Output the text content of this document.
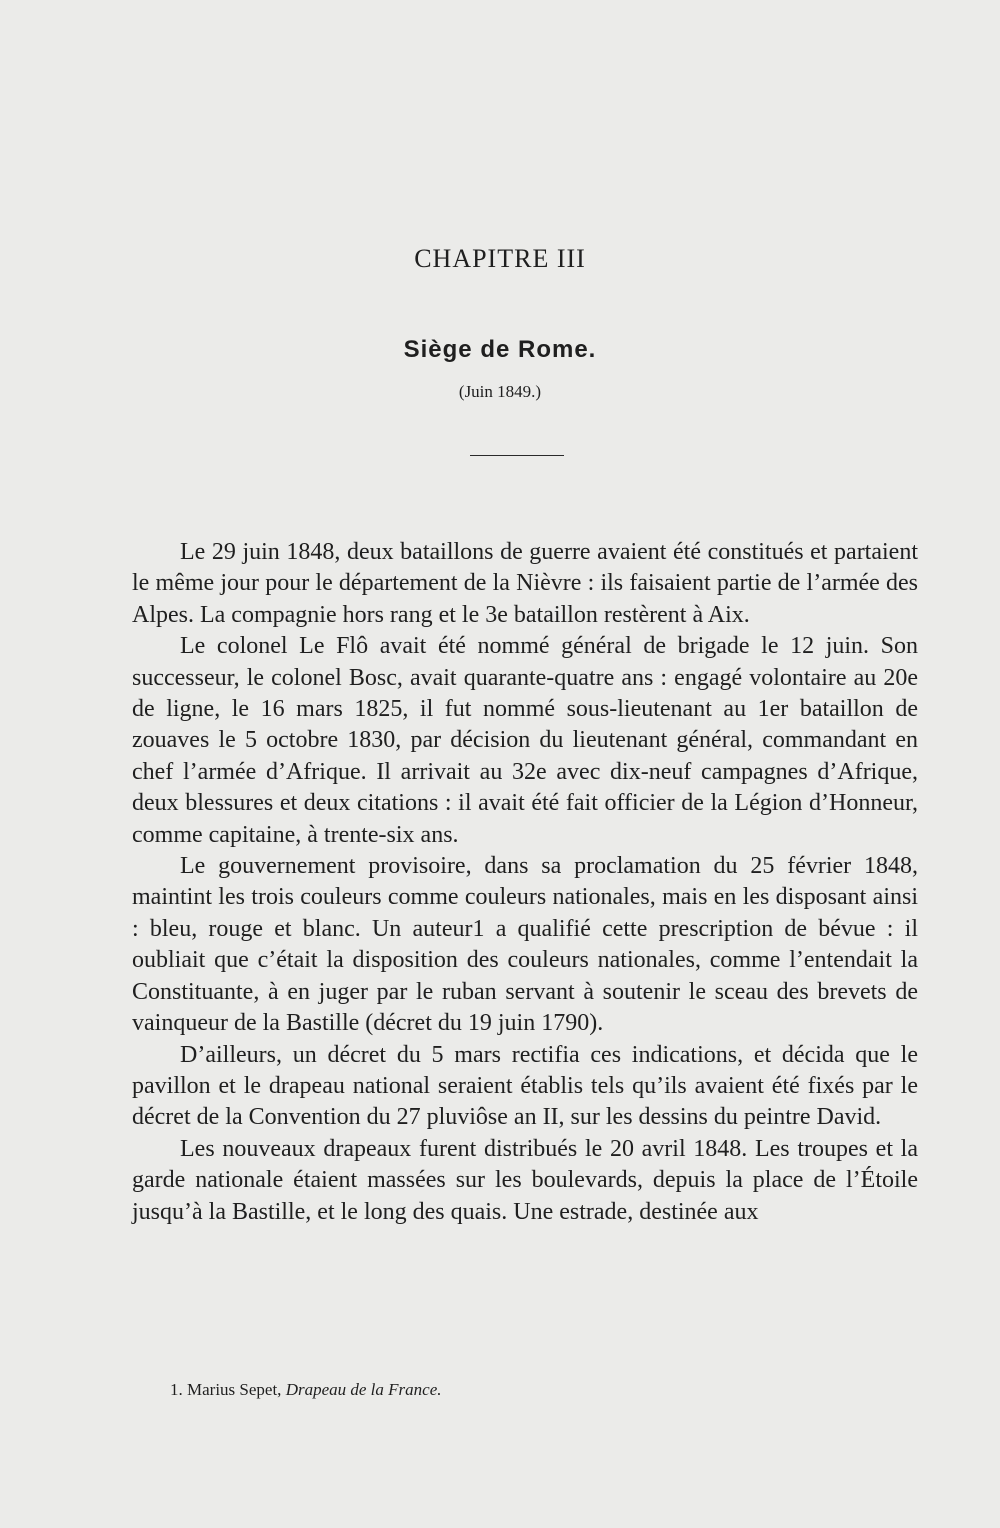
CHAPITRE III
Siège de Rome.
(Juin 1849.)

Le 29 juin 1848, deux bataillons de guerre avaient été constitués et partaient le même jour pour le département de la Nièvre : ils faisaient partie de l’armée des Alpes. La compagnie hors rang et le 3e bataillon restèrent à Aix.

Le colonel Le Flô avait été nommé général de brigade le 12 juin. Son successeur, le colonel Bosc, avait quarante-quatre ans : engagé volontaire au 20e de ligne, le 16 mars 1825, il fut nommé sous-lieutenant au 1er bataillon de zouaves le 5 octobre 1830, par décision du lieutenant général, commandant en chef l’armée d’Afrique. Il arrivait au 32e avec dix-neuf campagnes d’Afrique, deux blessures et deux citations : il avait été fait officier de la Légion d’Honneur, comme capitaine, à trente-six ans.

Le gouvernement provisoire, dans sa proclamation du 25 février 1848, maintint les trois couleurs comme couleurs nationales, mais en les disposant ainsi : bleu, rouge et blanc. Un auteur1 a qualifié cette prescription de bévue : il oubliait que c’était la disposition des couleurs nationales, comme l’entendait la Constituante, à en juger par le ruban servant à soutenir le sceau des brevets de vainqueur de la Bastille (décret du 19 juin 1790).

D’ailleurs, un décret du 5 mars rectifia ces indications, et décida que le pavillon et le drapeau national seraient établis tels qu’ils avaient été fixés par le décret de la Convention du 27 pluviôse an II, sur les dessins du peintre David.

Les nouveaux drapeaux furent distribués le 20 avril 1848. Les troupes et la garde nationale étaient massées sur les boulevards, depuis la place de l’Étoile jusqu’à la Bastille, et le long des quais. Une estrade, destinée aux

1. Marius Sepet, Drapeau de la France.
